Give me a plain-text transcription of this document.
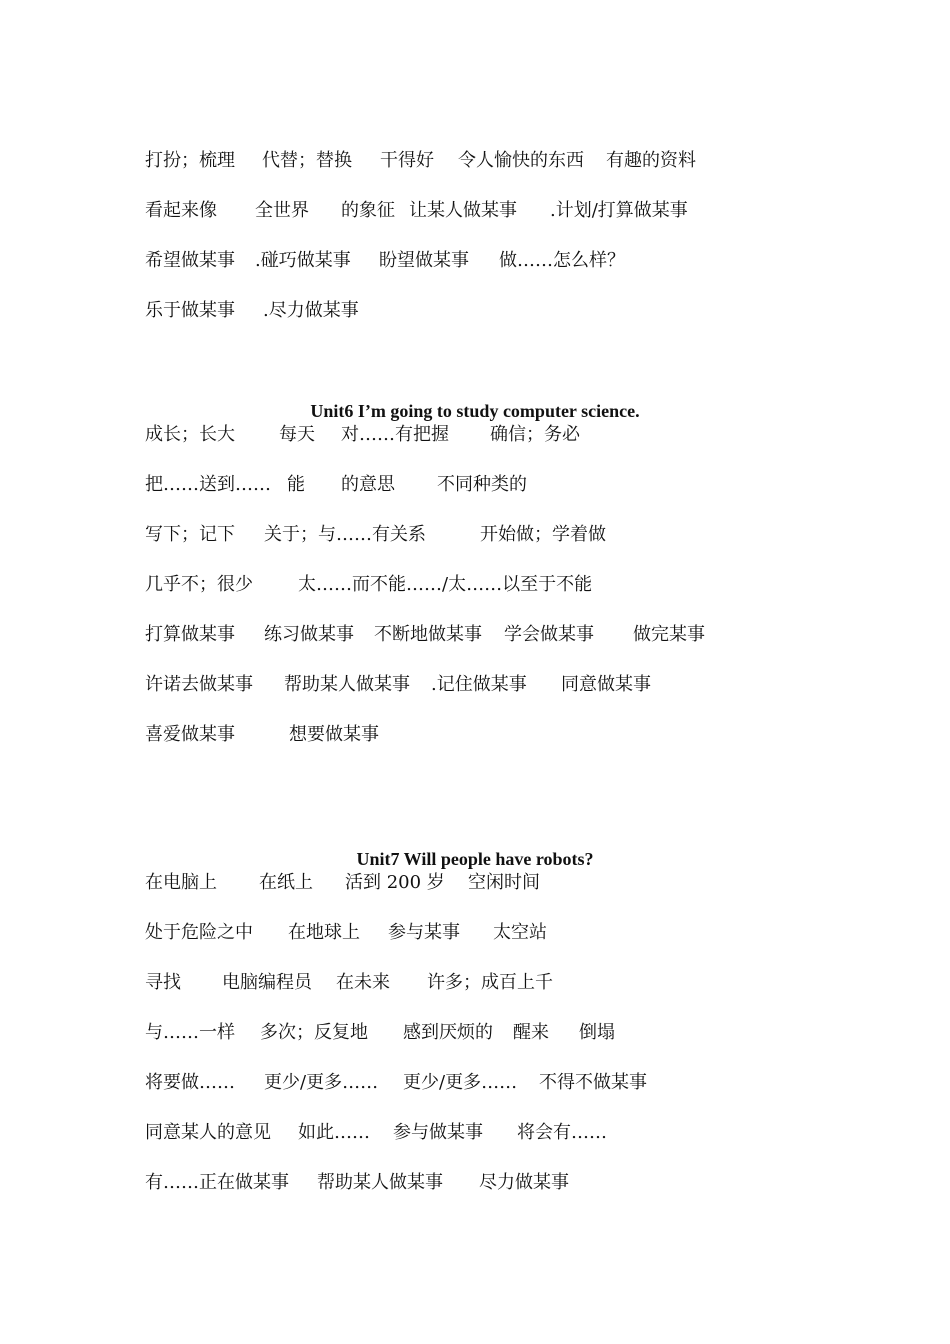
打扮；梳理 代替；替换 干得好 令人愉快的东西 有趣的资料
看起来像 全世界 的象征 让某人做某事 .计划/打算做某事
希望做某事 .碰巧做某事 盼望做某事 做……怎么样？
乐于做某事 .尽力做某事
Unit6 I’m going to study computer science.
成长；长大 每天 对……有把握 确信；务必
把……送到…… 能 的意思 不同种类的
写下；记下 关于；与……有关系	开始做；学着做
几乎不；很少	太……而不能……/太……以至于不能
打算做某事 练习做某事 不断地做某事 学会做某事 做完某事
许诺去做某事 帮助某人做某事 .记住做某事 同意做某事
喜爱做某事	想要做某事
Unit7 Will people have robots?
在电脑上 在纸上 活到 200 岁 空闲时间
处于危险之中 在地球上 参与某事 太空站
寻找 电脑编程员 在未来 许多；成百上千
与……一样 多次；反复地 感到厌烦的 醒来 倒塌
将要做…… 更少/更多…… 更少/更多…… 不得不做某事
同意某人的意见 如此…… 参与做某事 将会有……
有……正在做某事 帮助某人做某事 尽力做某事
